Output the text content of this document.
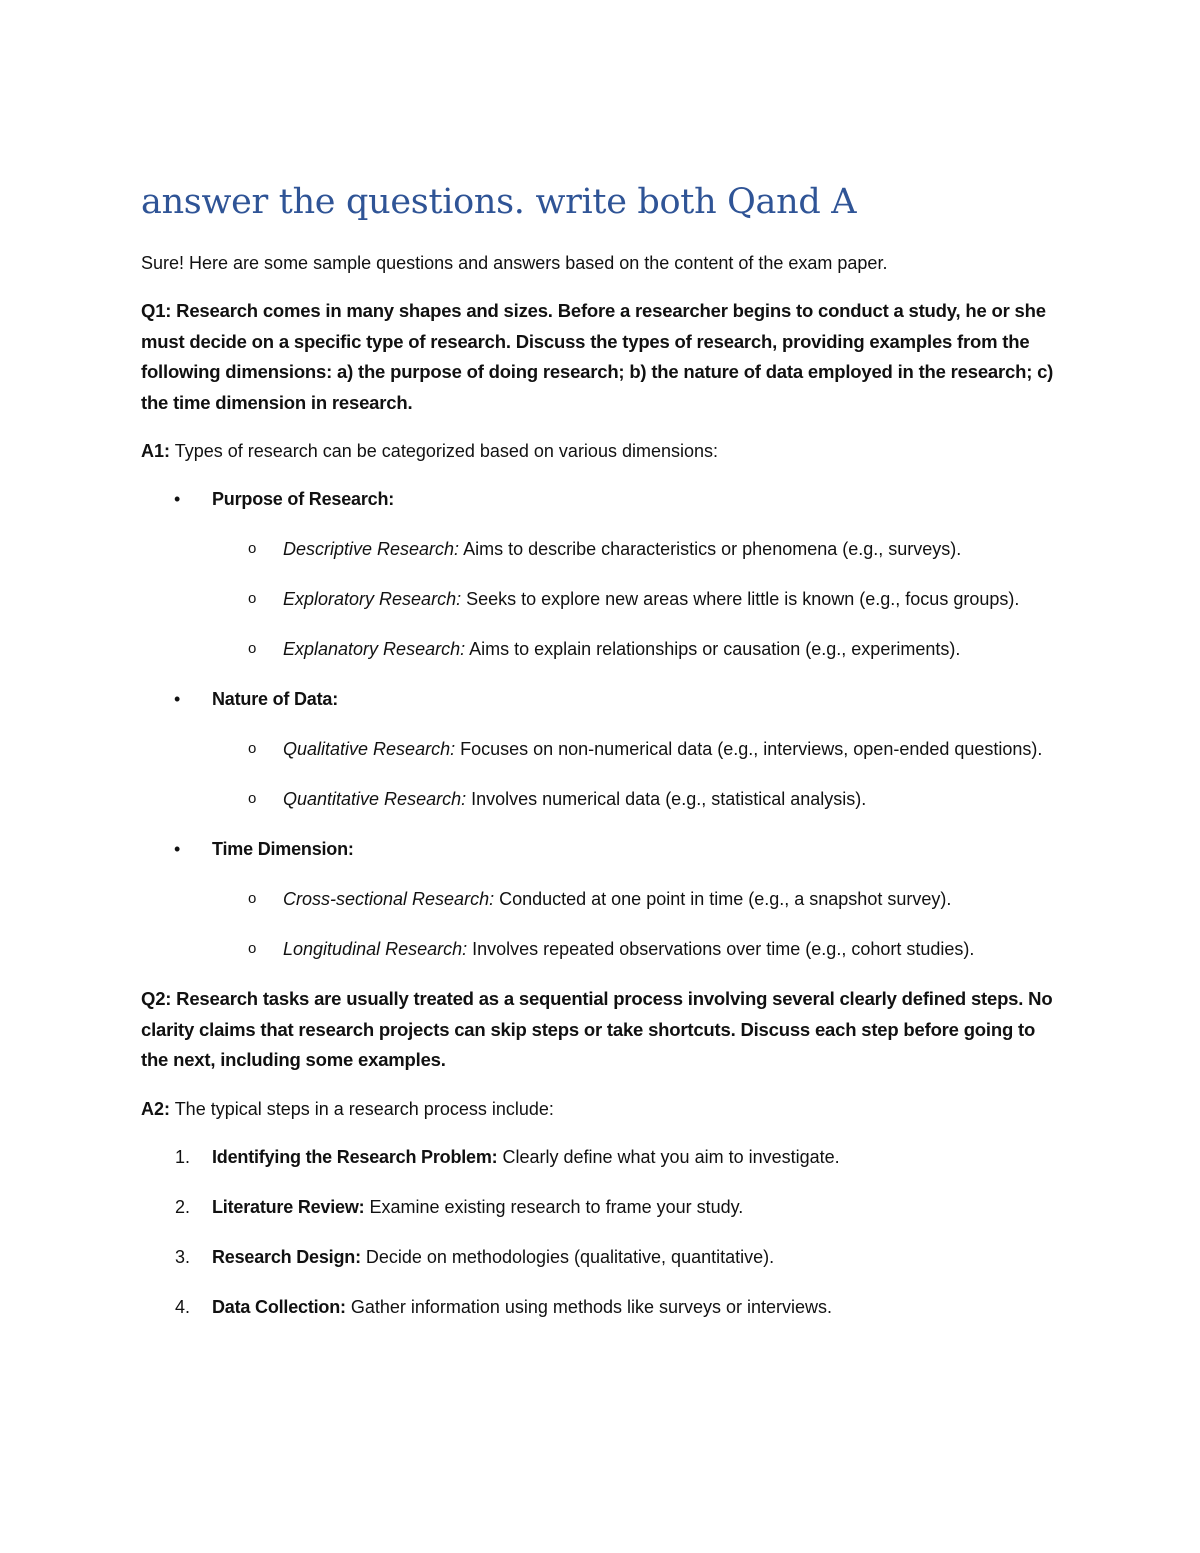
answer the questions. write both Qand A

Sure! Here are some sample questions and answers based on the content of the exam paper.

Q1: Research comes in many shapes and sizes. Before a researcher begins to conduct a study, he or she must decide on a specific type of research. Discuss the types of research, providing examples from the following dimensions: a) the purpose of doing research; b) the nature of data employed in the research; c) the time dimension in research.

A1: Types of research can be categorized based on various dimensions:

• Purpose of Research:
o Descriptive Research: Aims to describe characteristics or phenomena (e.g., surveys).
o Exploratory Research: Seeks to explore new areas where little is known (e.g., focus groups).
o Explanatory Research: Aims to explain relationships or causation (e.g., experiments).
• Nature of Data:
o Qualitative Research: Focuses on non-numerical data (e.g., interviews, open-ended questions).
o Quantitative Research: Involves numerical data (e.g., statistical analysis).
• Time Dimension:
o Cross-sectional Research: Conducted at one point in time (e.g., a snapshot survey).
o Longitudinal Research: Involves repeated observations over time (e.g., cohort studies).

Q2: Research tasks are usually treated as a sequential process involving several clearly defined steps. No clarity claims that research projects can skip steps or take shortcuts. Discuss each step before going to the next, including some examples.

A2: The typical steps in a research process include:

1. Identifying the Research Problem: Clearly define what you aim to investigate.
2. Literature Review: Examine existing research to frame your study.
3. Research Design: Decide on methodologies (qualitative, quantitative).
4. Data Collection: Gather information using methods like surveys or interviews.
